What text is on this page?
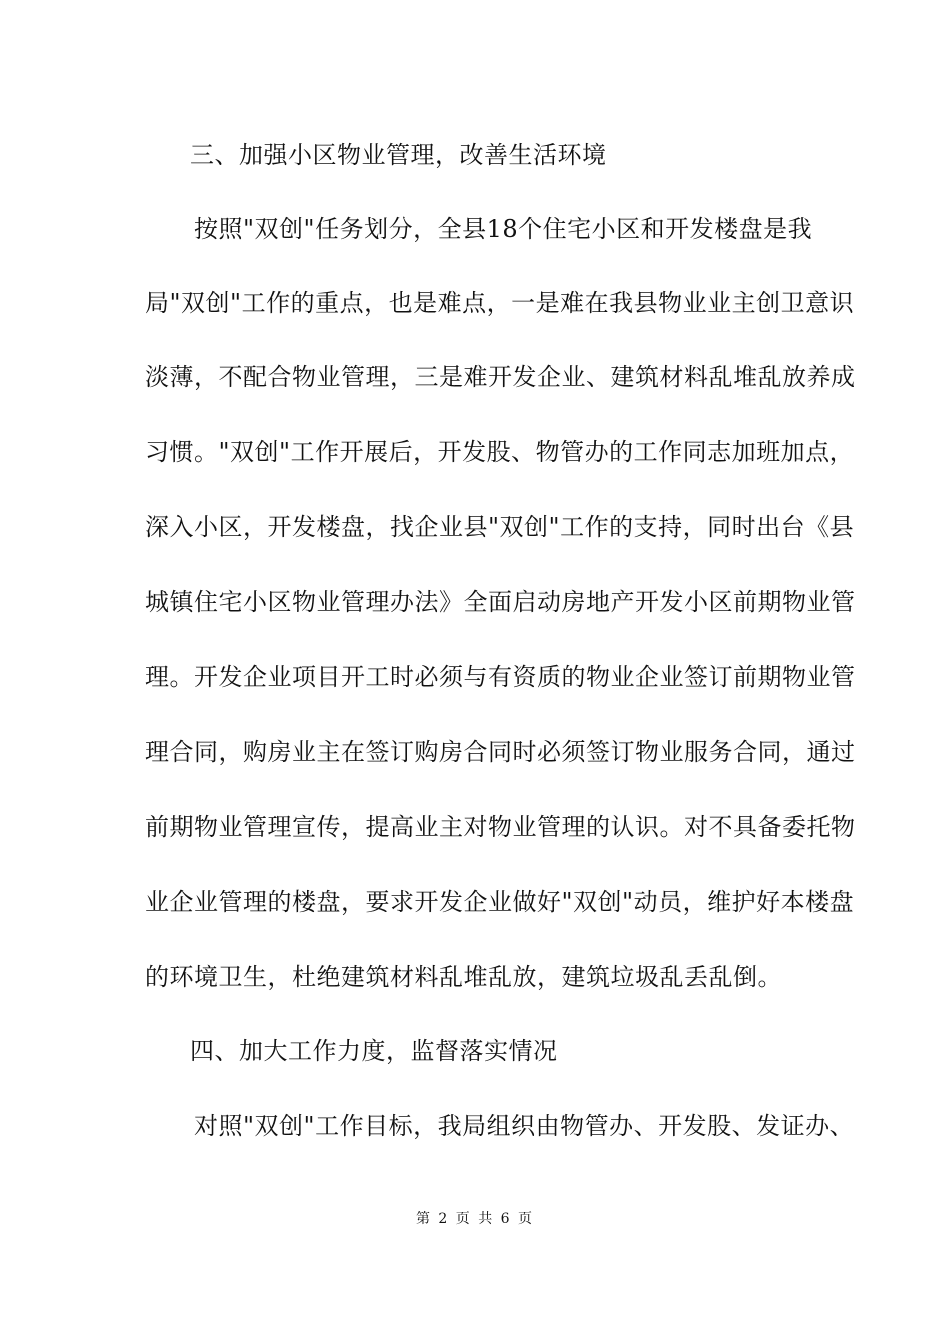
三、加强小区物业管理，改善生活环境
按照"双创"任务划分，全县18个住宅小区和开发楼盘是我
局"双创"工作的重点，也是难点，一是难在我县物业业主创卫意识
淡薄，不配合物业管理，三是难开发企业、建筑材料乱堆乱放养成
习惯。"双创"工作开展后，开发股、物管办的工作同志加班加点，
深入小区，开发楼盘，找企业县"双创"工作的支持，同时出台《县
城镇住宅小区物业管理办法》全面启动房地产开发小区前期物业管
理。开发企业项目开工时必须与有资质的物业企业签订前期物业管
理合同，购房业主在签订购房合同时必须签订物业服务合同，通过
前期物业管理宣传，提高业主对物业管理的认识。对不具备委托物
业企业管理的楼盘，要求开发企业做好"双创"动员，维护好本楼盘
的环境卫生，杜绝建筑材料乱堆乱放，建筑垃圾乱丢乱倒。
四、加大工作力度，监督落实情况
对照"双创"工作目标，我局组织由物管办、开发股、发证办、
第 2 页 共 6 页
